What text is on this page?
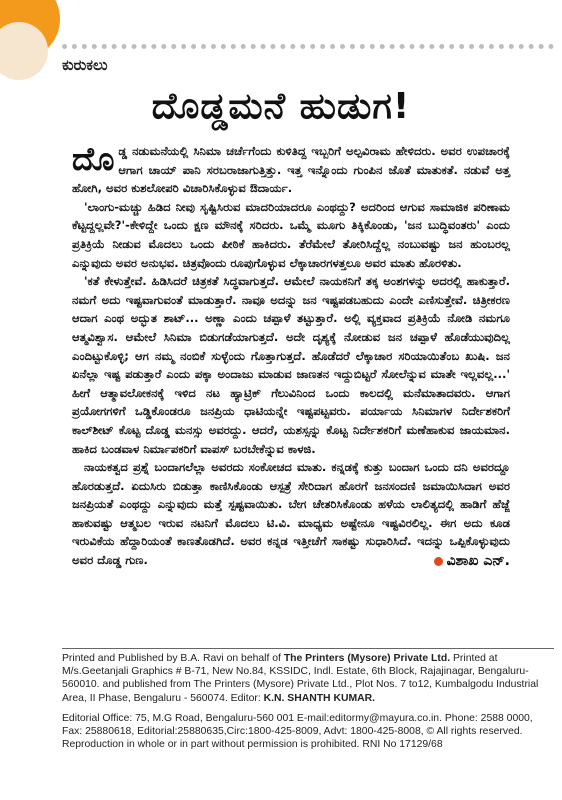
ಕುರುಕಲು
ದೊಡ್ಡಮನೆ ಹುಡುಗ!

ದೊಡ್ಡ ನಡುಮನೆಯಲ್ಲಿ ಸಿನಿಮಾ ಚರ್ಚೆಗೆಂದು ಕುಳಿತಿದ್ದ ಇಬ್ಬರಿಗೆ ಅಲ್ಪವಿರಾಮ ಹೇಳಿದರು. ಅವರ ಉಪಚಾರಕ್ಕೆ ಆಗಾಗ ಚಾಯ್ ಪಾನಿ ಸರಬರಾಜಾಗುತ್ತಿತ್ತು. ಇತ್ತ ಇನ್ನೊಂದು ಗುಂಪಿನ ಜೊತೆ ಮಾತುಕತೆ. ನಡುವೆ ಅತ್ತ ಹೋಗಿ, ಅವರ ಕುಶಲೋಪರಿ ವಿಚಾರಿಸಿಕೊಳ್ಳುವ ಔದಾರ್ಯ.

'ಲಾಂಗು-ಮಚ್ಚು ಹಿಡಿದ ನೀವು ಸೃಷ್ಟಿಸಿರುವ ಮಾದರಿಯಾದರೂ ಎಂಥದ್ದು? ಅದರಿಂದ ಆಗುವ ಸಾಮಾಜಿಕ ಪರಿಣಾಮ ಕೆಟ್ಟದ್ದಲ್ಲವೇ?'-ಕೇಳಿದ್ದೇ ಒಂದು ಕ್ಷಣ ಮೌನಕ್ಕೆ ಸರಿದರು. ಒಮ್ಮೆ ಮೂಗು ತಿಕ್ಕಿಕೊಂಡು, 'ಜನ ಬುದ್ಧಿವಂತರು' ಎಂದು ಪ್ರತಿಕ್ರಿಯೆ ನೀಡುವ ಮೊದಲು ಒಂದು ಪೀಠಿಕೆ ಹಾಕಿದರು. ತೆರೆಮೇಲೆ ತೋರಿಸಿದ್ದೆಲ್ಲ ನಂಬುವಷ್ಟು ಜನ ಹುಂಬರಲ್ಲ ಎನ್ನುವುದು ಅವರ ಅನುಭವ. ಚಿತ್ರವೊಂದು ರೂಪುಗೊಳ್ಳುವ ಲೆಕ್ಕಾಚಾರಗಳತ್ತಲೂ ಅವರ ಮಾತು ಹೊರಳಿತು.

'ಕತೆ ಕೇಳುತ್ತೇವೆ. ಹಿಡಿಸಿದರೆ ಚಿತ್ರಕತೆ ಸಿದ್ಧವಾಗುತ್ತದೆ. ಆಮೇಲೆ ನಾಯಕನಿಗೆ ತಕ್ಕ ಅಂಶಗಳನ್ನು ಅದರಲ್ಲಿ ಹಾಕುತ್ತಾರೆ. ನಮಗೆ ಅದು ಇಷ್ಟವಾಗುವಂತೆ ಮಾಡುತ್ತಾರೆ. ನಾವೂ ಅದನ್ನು ಜನ ಇಷ್ಟಪಡಬಹುದು ಎಂದೇ ಎಣಿಸುತ್ತೇವೆ. ಚಿತ್ರೀಕರಣ ಆದಾಗ ಎಂಥ ಅದ್ಭುತ ಶಾಟ್... ಅಣ್ಣಾ ಎಂದು ಚಪ್ಪಾಳೆ ತಟ್ಟುತ್ತಾರೆ. ಅಲ್ಲಿ ವ್ಯಕ್ತವಾದ ಪ್ರತಿಕ್ರಿಯೆ ನೋಡಿ ನಮಗೂ ಆತ್ಮವಿಶ್ವಾಸ. ಆಮೇಲೆ ಸಿನಿಮಾ ಬಿಡುಗಡೆಯಾಗುತ್ತದೆ. ಅದೇ ದೃಶ್ಯಕ್ಕೆ ನೋಡುವ ಜನ ಚಪ್ಪಾಳೆ ಹೊಡೆಯುವುದಿಲ್ಲ ಎಂದಿಟ್ಟುಕೊಳ್ಳಿ; ಆಗ ನಮ್ಮ ನಂಬಿಕೆ ಸುಳ್ಳೆಂದು ಗೊತ್ತಾಗುತ್ತದೆ. ಹೊಡೆದರೆ ಲೆಕ್ಕಾಚಾರ ಸರಿಯಾಯಿತೆಂಬ ಖುಷಿ. ಜನ ಏನೆಲ್ಲಾ ಇಷ್ಟ ಪಡುತ್ತಾರೆ ಎಂದು ಪಕ್ಕಾ ಅಂದಾಜು ಮಾಡುವ ಜಾಣತನ ಇದ್ದುಬಿಟ್ಟರೆ ಸೋಲೆನ್ನುವ ಮಾತೇ ಇಲ್ಲವಲ್ಲ...' ಹೀಗೆ ಆತ್ಮಾವಲೋಕನಕ್ಕೆ ಇಳಿದ ನಟ ಹ್ಯಾಟ್ರಿಕ್ ಗೆಲುವಿನಿಂದ ಒಂದು ಕಾಲದಲ್ಲಿ ಮನೆಮಾತಾದವರು. ಆಗಾಗ ಪ್ರಯೋಗಗಳಿಗೆ ಒಡ್ಡಿಕೊಂಡರೂ ಜನಪ್ರಿಯ ಧಾಟಿಯನ್ನೇ ಇಷ್ಟಪಟ್ಟವರು. ಪರ್ಯಾಯ ಸಿನಿಮಾಗಳ ನಿರ್ದೇಶಕರಿಗೆ ಕಾಲ್‌ಶೀಟ್ ಕೊಟ್ಟ ದೊಡ್ಡ ಮನಸ್ಸು ಅವರದ್ದು. ಆದರೆ, ಯಶಸ್ಸನ್ನು ಕೊಟ್ಟ ನಿರ್ದೇಶಕರಿಗೆ ಮಣೆಹಾಕುವ ಜಾಯಮಾನ. ಹಾಕಿದ ಬಂಡವಾಳ ನಿರ್ಮಾಪಕರಿಗೆ ವಾಪಸ್ ಬರಬೇಕೆನ್ನುವ ಕಾಳಜಿ.

ನಾಯಕತ್ವದ ಪ್ರಶ್ನೆ ಬಂದಾಗಲೆಲ್ಲಾ ಅವರದು ಸಂಕೋಚದ ಮಾತು. ಕನ್ನಡಕ್ಕೆ ಕುತ್ತು ಬಂದಾಗ ಒಂದು ದನಿ ಅವರದ್ದೂ ಹೊರಡುತ್ತದೆ. ಏದುಸಿರು ಬಿಡುತ್ತಾ ಕಾಣಿಸಿಕೊಂಡು ಆಸ್ಪತ್ರೆ ಸೇರಿದಾಗ ಹೊರಗೆ ಜನಸಂದಣಿ ಜಮಾಯಿಸಿದಾಗ ಅವರ ಜನಪ್ರಿಯತೆ ಎಂಥದ್ದು ಎನ್ನುವುದು ಮತ್ತೆ ಸ್ಪಷ್ಟವಾಯಿತು. ಬೇಗ ಚೇತರಿಸಿಕೊಂಡು ಹಳೆಯ ಲಾಲಿತ್ಯದಲ್ಲಿ ಹಾಡಿಗೆ ಹೆಜ್ಜೆ ಹಾಕುವಷ್ಟು ಆತ್ಮಬಲ ಇರುವ ನಟನಿಗೆ ಮೊದಲು ಟಿ.ವಿ. ಮಾಧ್ಯಮ ಅಷ್ಟೇನೂ ಇಷ್ಟವಿರಲಿಲ್ಲ. ಈಗ ಅದು ಕೂಡ ಇರುವಿಕೆಯ ಹೆದ್ದಾರಿಯಂತೆ ಕಾಣತೊಡಗಿದೆ. ಅವರ ಕನ್ನಡ ಇತ್ತೀಚೆಗೆ ಸಾಕಷ್ಟು ಸುಧಾರಿಸಿದೆ. ಇದನ್ನು ಒಪ್ಪಿಕೊಳ್ಳುವುದು ಅವರ ದೊಡ್ಡ ಗುಣ.	ವಿಶಾಖ ಎನ್.

Printed and Published by B.A. Ravi on behalf of The Printers (Mysore) Private Ltd. Printed at M/s.Geetanjali Graphics # B-71, New No.84, KSSIDC, Indl. Estate, 6th Block, Rajajinagar, Bengaluru-560010. and published from The Printers (Mysore) Private Ltd., Plot Nos. 7 to12, Kumbalgodu Industrial Area, II Phase, Bengaluru - 560074. Editor: K.N. SHANTH KUMAR.

Editorial Office: 75, M.G Road, Bengaluru-560 001 E-mail:editormy@mayura.co.in. Phone: 2588 0000, Fax: 25880618, Editorial:25880635,Circ:1800-425-8009, Advt: 1800-425-8008, © All rights reserved. Reproduction in whole or in part without permission is prohibited. RNI No 17129/68
